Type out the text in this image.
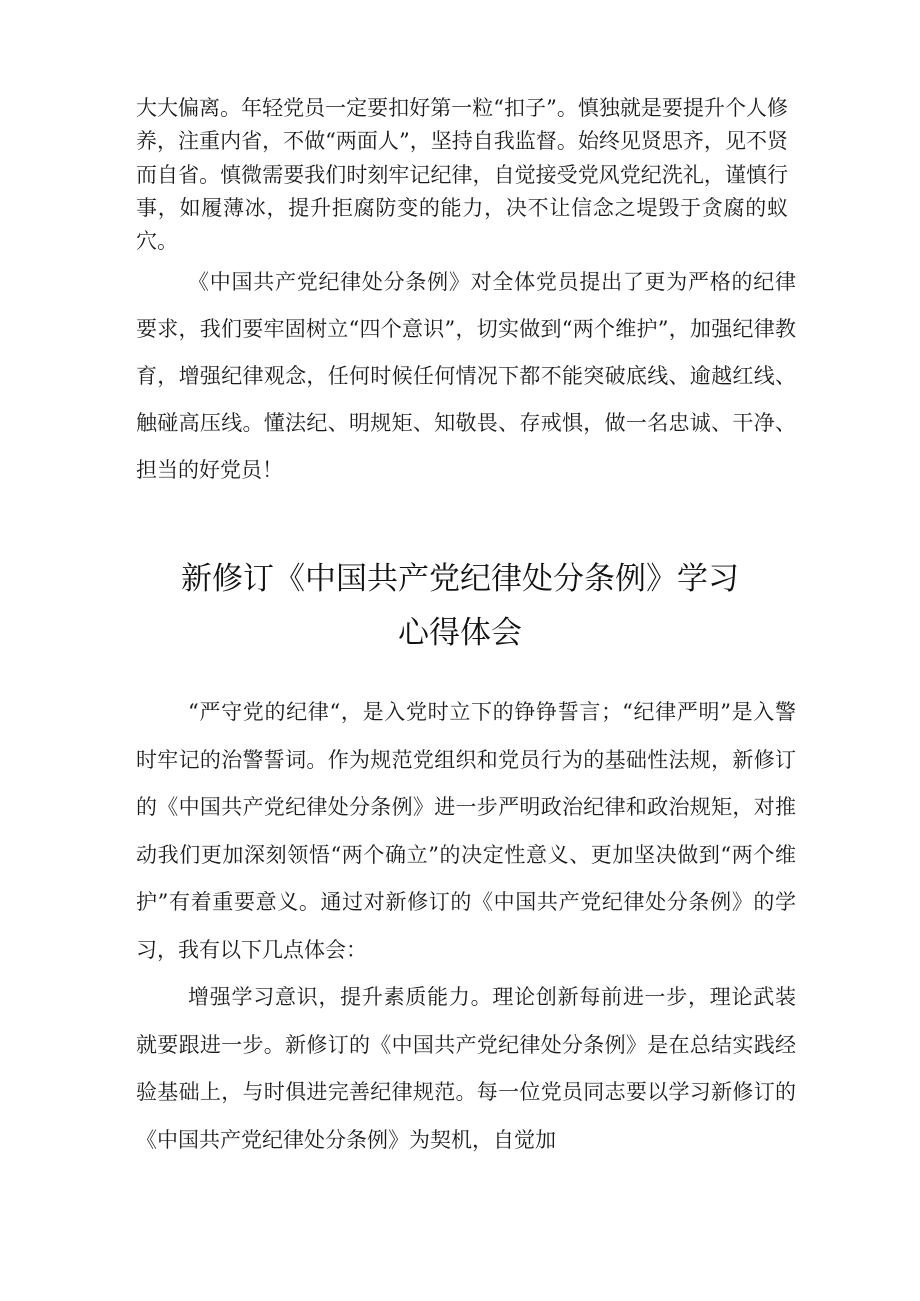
大大偏离。年轻党员一定要扣好第一粒“扣子”。慎独就是要提升个人修养，注重内省，不做“两面人”，坚持自我监督。始终见贤思齐，见不贤而自省。慎微需要我们时刻牢记纪律，自觉接受党风党纪洗礼，谨慎行事，如履薄冰，提升拒腐防变的能力，决不让信念之堤毁于贪腐的蚁穴。

《中国共产党纪律处分条例》对全体党员提出了更为严格的纪律要求，我们要牢固树立“四个意识”，切实做到“两个维护”，加强纪律教育，增强纪律观念，任何时候任何情况下都不能突破底线、逾越红线、触碰高压线。懂法纪、明规矩、知敬畏、存戒惧，做一名忠诚、干净、担当的好党员！

新修订《中国共产党纪律处分条例》学习
心得体会

“严守党的纪律“，是入党时立下的铮铮誓言；“纪律严明”是入警时牢记的治警誓词。作为规范党组织和党员行为的基础性法规，新修订的《中国共产党纪律处分条例》进一步严明政治纪律和政治规矩，对推动我们更加深刻领悟“两个确立”的决定性意义、更加坚决做到“两个维护”有着重要意义。通过对新修订的《中国共产党纪律处分条例》的学习，我有以下几点体会：

增强学习意识，提升素质能力。理论创新每前进一步，理论武装就要跟进一步。新修订的《中国共产党纪律处分条例》是在总结实践经验基础上，与时俱进完善纪律规范。每一位党员同志要以学习新修订的《中国共产党纪律处分条例》为契机，自觉加
